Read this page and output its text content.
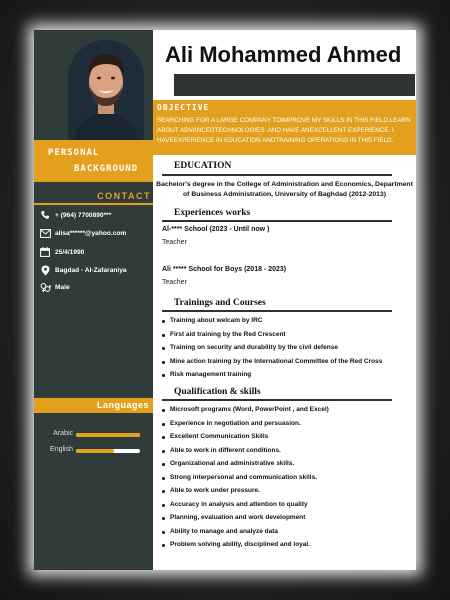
PERSONAL
BACKGROUND
CONTACT
+ (964) 7700890***
alisa******@yahoo.com
25/4/1990
Bagdad - Al-Zafaraniya
Male
Languages
Arabic
English
Ali Mohammed Ahmed
OBJECTIVE
SEARCHING FOR A LARGE COMPANY TOIMPROVE MY SKILLS IN THIS FIELD.LEARN ABOUT ADVANCEDTECHNOLOGIES. AND HAVE ANEXCELLENT EXPERIENCE. I HAVEEXPERIENCE IN EDUCATION ANDTRAINING OPERATIONS IN THIS FIELD.
EDUCATION
Bachelor's degree in the College of Administration and Economics, Department of Business Administration, University of Baghdad (2012-2013)
Experiences works
Al-**** School (2023 - Until now )
Teacher
Ali ***** School for Boys (2018 - 2023)
Teacher
Trainings and Courses
Training about welcam by IRC
First aid training by the Red Crescent
Training on security and durability by the civil defense
Mine action training by the International Committee of the Red Cross
Risk management training
Qualification & skills
Microsoft programs (Word, PowerPoint , and Excel)
Experience in negotiation and persuasion.
Excellent Communication Skills
Able to work in different conditions.
Organizational and administrative skills.
Strong interpersonal and communication skills.
Able to work under pressure.
Accuracy in analysis and attention to quality
Planning, evaluation and work development
Ability to manage and analyze data
Problem solving ability, disciplined and loyal.
